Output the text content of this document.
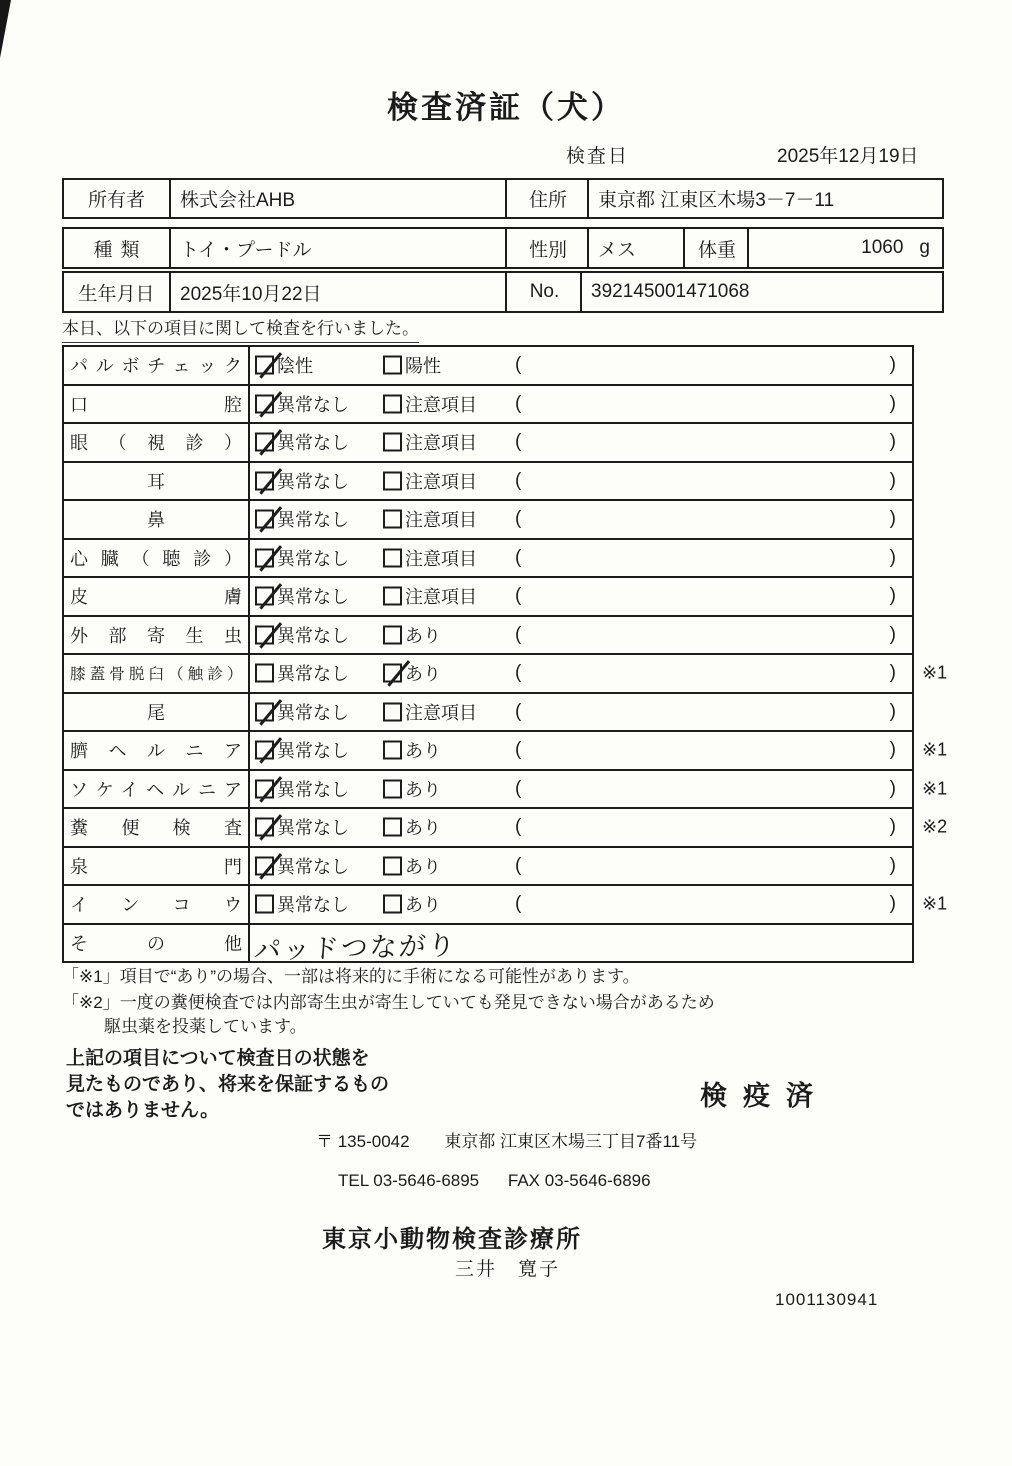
検査済証（犬）
検査日	2025年12月19日
所有者	株式会社AHB	住所	東京都 江東区木場3－7－11
種類	トイ・プードル	性別	メス	体重	1060 g
生年月日	2025年10月22日	No.	392145001471068
本日、以下の項目に関して検査を行いました。
パルボチェック 陰性	陽性	(	)
口腔 異常なし	注意項目 (	)
眼（視診） 異常なし	注意項目 (	)
耳	異常なし	注意項目 (	)
鼻	異常なし	注意項目 (	)
心臓（聴診） 異常なし	注意項目 (	)
皮膚 異常なし	注意項目 (	)
外部寄生虫 異常なし	あり	(	)
膝蓋骨脱臼（触診） 異常なし	あり	(	) ※1
尾	異常なし	注意項目 (	)
臍ヘルニア 異常なし	あり	(	) ※1
ソケイヘルニア 異常なし	あり	(	) ※1
糞便検査 異常なし	あり	(	) ※2
泉門 異常なし	あり	(	)
インコウ 異常なし	あり	(	) ※1
その他 パッドつながり
「※1」項目で“あり”の場合、一部は将来的に手術になる可能性があります。
「※2」一度の糞便検査では内部寄生虫が寄生していても発見できない場合があるため
駆虫薬を投薬しています。
上記の項目について検査日の状態を
見たものであり、将来を保証するもの
ではありません。	検疫済
〒 135-0042 東京都 江東区木場三丁目7番11号
TEL 03-5646-6895 FAX 03-5646-6896
東京小動物検査診療所
三井　寛子
1001130941
